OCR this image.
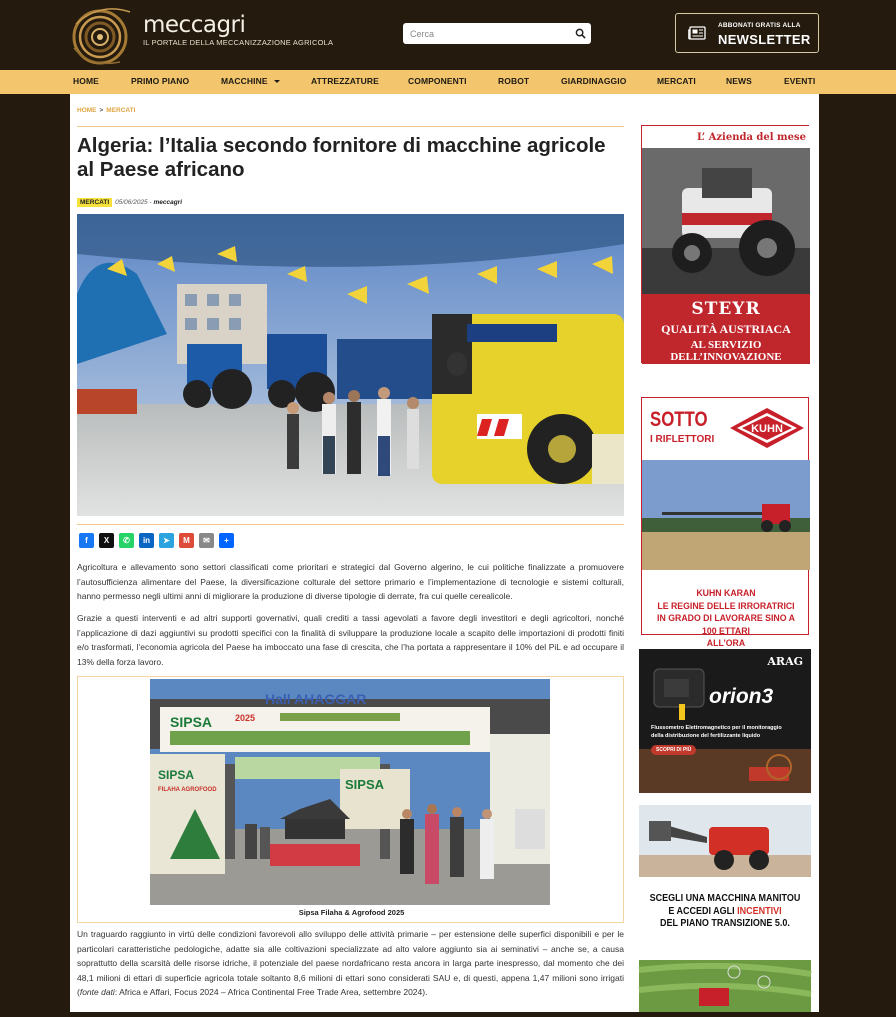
meccagri
IL PORTALE DELLA MECCANIZZAZIONE AGRICOLA
Cerca
ABBONATI GRATIS ALLA
NEWSLETTER
HOME	PRIMO PIANO	MACCHINE	ATTREZZATURE	COMPONENTI	ROBOT	GIARDINAGGIO	MERCATI	NEWS	EVENTI
HOME > MERCATI
Algeria: l’Italia secondo fornitore di macchine agricole al Paese africano
MERCATI 05/06/2025 - meccagri
f	X	✆	in	➤	M	✉	+

Agricoltura e allevamento sono settori classificati come prioritari e strategici dal Governo algerino, le cui politiche finalizzate a promuovere l’autosufficienza alimentare del Paese, la diversificazione colturale del settore primario e l’implementazione di tecnologie e sistemi colturali, hanno permesso negli ultimi anni di migliorare la produzione di diverse tipologie di derrate, fra cui quelle cerealicole.

Grazie a questi interventi e ad altri supporti governativi, quali crediti a tassi agevolati a favore degli investitori e degli agricoltori, nonché l’applicazione di dazi aggiuntivi su prodotti specifici con la finalità di sviluppare la produzione locale a scapito delle importazioni di prodotti finiti e/o trasformati, l’economia agricola del Paese ha imboccato una fase di crescita, che l’ha portata a rappresentare il 10% del PiL e ad occupare il 13% della forza lavoro.

Hall AHAGGAR
SIPSA	2025
SIPSA
FILAHA AGROFOOD	SIPSA
Sipsa Filaha & Agrofood 2025

Un traguardo raggiunto in virtù delle condizioni favorevoli allo sviluppo delle attività primarie – per estensione delle superfici disponibili e per le particolari caratteristiche pedologiche, adatte sia alle coltivazioni specializzate ad alto valore aggiunto sia ai seminativi – anche se, a causa soprattutto della scarsità delle risorse idriche, il potenziale del paese nordafricano resta ancora in larga parte inespresso, dal momento che dei 48,1 milioni di ettari di superficie agricola totale soltanto 8,6 milioni di ettari sono considerati SAU e, di questi, appena 1,47 milioni sono irrigati (fonte dati: Africa e Affari, Focus 2024 – Africa Continental Free Trade Area, settembre 2024).

L’ Azienda del mese
STEYR
QUALITÀ AUSTRIACA
AL SERVIZIO DELL’INNOVAZIONE
SOTTO
I RIFLETTORI
KUHN
KUHN KARAN
LE REGINE DELLE IRRORATRICI
IN GRADO DI LAVORARE SINO A 100 ETTARI
ALL’ORA
ARAG
orion3
Flussometro Elettromagnetico per il monitoraggio
della distribuzione del fertilizzante liquido
SCOPRI DI PIÙ
SCEGLI UNA MACCHINA MANITOU
E ACCEDI AGLI INCENTIVI
DEL PIANO TRANSIZIONE 5.0.
